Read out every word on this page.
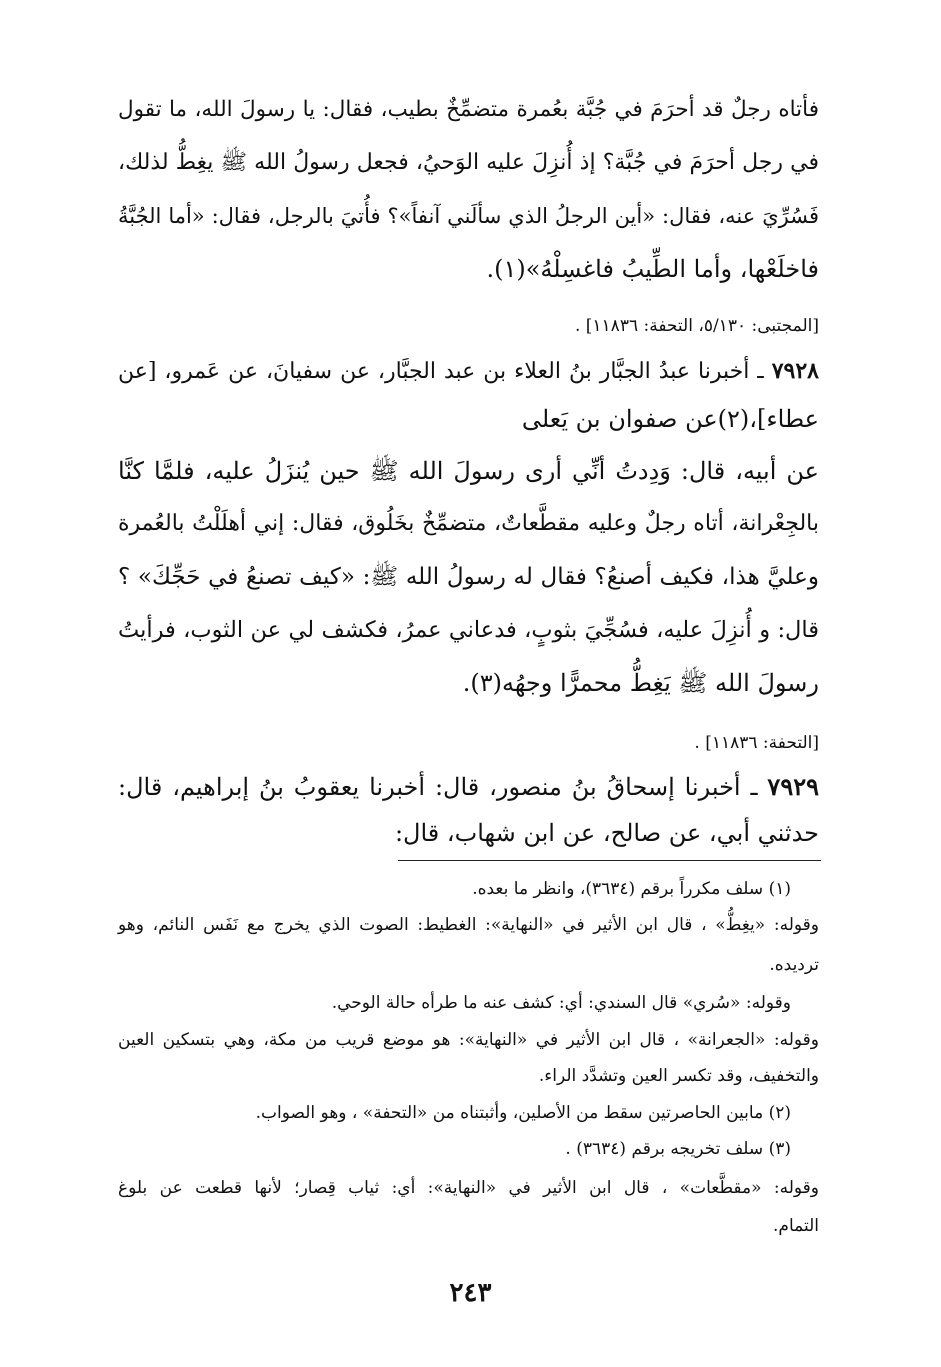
فأتاه رجلٌ قد أحرَمَ في جُبَّة بعُمرة متضمِّخٌ بطيب، فقال: يا رسولَ الله، ما تقول
في رجل أحرَمَ في جُبَّة؟ إذ أُنزِلَ عليه الوَحيُ، فجعل رسولُ الله ﷺ يغِطُّ لذلك،
فَسُرِّيَ عنه، فقال: «أين الرجلُ الذي سألَني آنفاً»؟ فأُتيَ بالرجل، فقال: «أما الجُبَّةُ
فاخلَعْها، وأما الطِّيبُ فاغسِلْهُ»(١).
[المجتبى: ٥/١٣٠، التحفة: ١١٨٣٦] .
٧٩٢٨ ـ أخبرنا عبدُ الجبَّار بنُ العلاء بن عبد الجبَّار، عن سفيانَ، عن عَمرو، [عن
عطاء]،(٢)عن صفوان بن يَعلى
عن أبيه، قال: وَدِدتُ أنِّي أرى رسولَ الله ﷺ حين يُنزَلُ عليه، فلمَّا كنَّا
بالجِعْرانة، أتاه رجلٌ وعليه مقطَّعاتٌ، متضمِّخٌ بخَلُوق، فقال: إني أهلَلْتُ بالعُمرة
وعليَّ هذا، فكيف أصنعُ؟ فقال له رسولُ الله ﷺ: «كيف تصنعُ في حَجِّكَ» ؟
قال: و أُنزِلَ عليه، فسُجِّيَ بثوبٍ، فدعاني عمرُ، فكشف لي عن الثوب، فرأيتُ
رسولَ الله ﷺ يَغِطُّ محمرًّا وجهُه(٣).
[التحفة: ١١٨٣٦] .
٧٩٢٩ ـ أخبرنا إسحاقُ بنُ منصور، قال: أخبرنا يعقوبُ بنُ إبراهيم، قال:
حدثني أبي، عن صالح، عن ابن شهاب، قال:
(١) سلف مكرراً برقم (٣٦٣٤)، وانظر ما بعده.
وقوله: «يغِطُّ» ، قال ابن الأثير في «النهاية»: الغطيط: الصوت الذي يخرج مع نَفَس النائم، وهو
ترديده.
وقوله: «سُري» قال السندي: أي: كشف عنه ما طرأه حالة الوحي.
وقوله: «الجعرانة» ، قال ابن الأثير في «النهاية»: هو موضع قريب من مكة، وهي بتسكين العين
والتخفيف، وقد تكسر العين وتشدَّد الراء.
(٢) مابين الحاصرتين سقط من الأصلين، وأثبتناه من «التحفة» ، وهو الصواب.
(٣) سلف تخريجه برقم (٣٦٣٤) .
وقوله: «مقطَّعات» ، قال ابن الأثير في «النهاية»: أي: ثياب قِصار؛ لأنها قطعت عن بلوغ
التمام.
٢٤٣
